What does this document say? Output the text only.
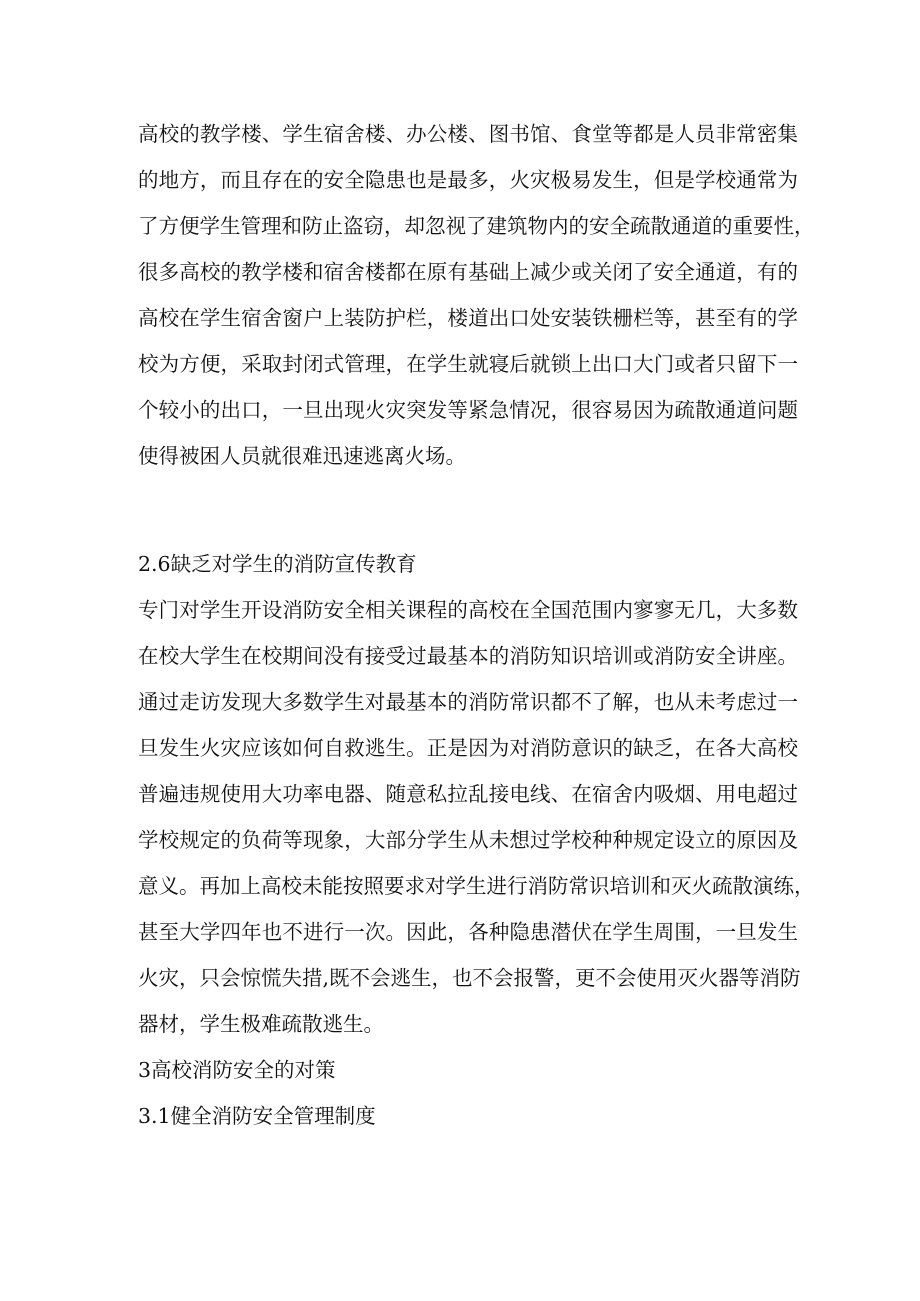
高校的教学楼、学生宿舍楼、办公楼、图书馆、食堂等都是人员非常密集
的地方，而且存在的安全隐患也是最多，火灾极易发生，但是学校通常为
了方便学生管理和防止盗窃，却忽视了建筑物内的安全疏散通道的重要性，
很多高校的教学楼和宿舍楼都在原有基础上减少或关闭了安全通道，有的
高校在学生宿舍窗户上装防护栏，楼道出口处安装铁栅栏等，甚至有的学
校为方便，采取封闭式管理，在学生就寝后就锁上出口大门或者只留下一
个较小的出口，一旦出现火灾突发等紧急情况，很容易因为疏散通道问题
使得被困人员就很难迅速逃离火场。
2.6缺乏对学生的消防宣传教育
专门对学生开设消防安全相关课程的高校在全国范围内寥寥无几，大多数
在校大学生在校期间没有接受过最基本的消防知识培训或消防安全讲座。
通过走访发现大多数学生对最基本的消防常识都不了解，也从未考虑过一
旦发生火灾应该如何自救逃生。正是因为对消防意识的缺乏，在各大高校
普遍违规使用大功率电器、随意私拉乱接电线、在宿舍内吸烟、用电超过
学校规定的负荷等现象，大部分学生从未想过学校种种规定设立的原因及
意义。再加上高校未能按照要求对学生进行消防常识培训和灭火疏散演练，
甚至大学四年也不进行一次。因此，各种隐患潜伏在学生周围，一旦发生
火灾，只会惊慌失措,既不会逃生，也不会报警，更不会使用灭火器等消防
器材，学生极难疏散逃生。
3高校消防安全的对策
3.1健全消防安全管理制度
